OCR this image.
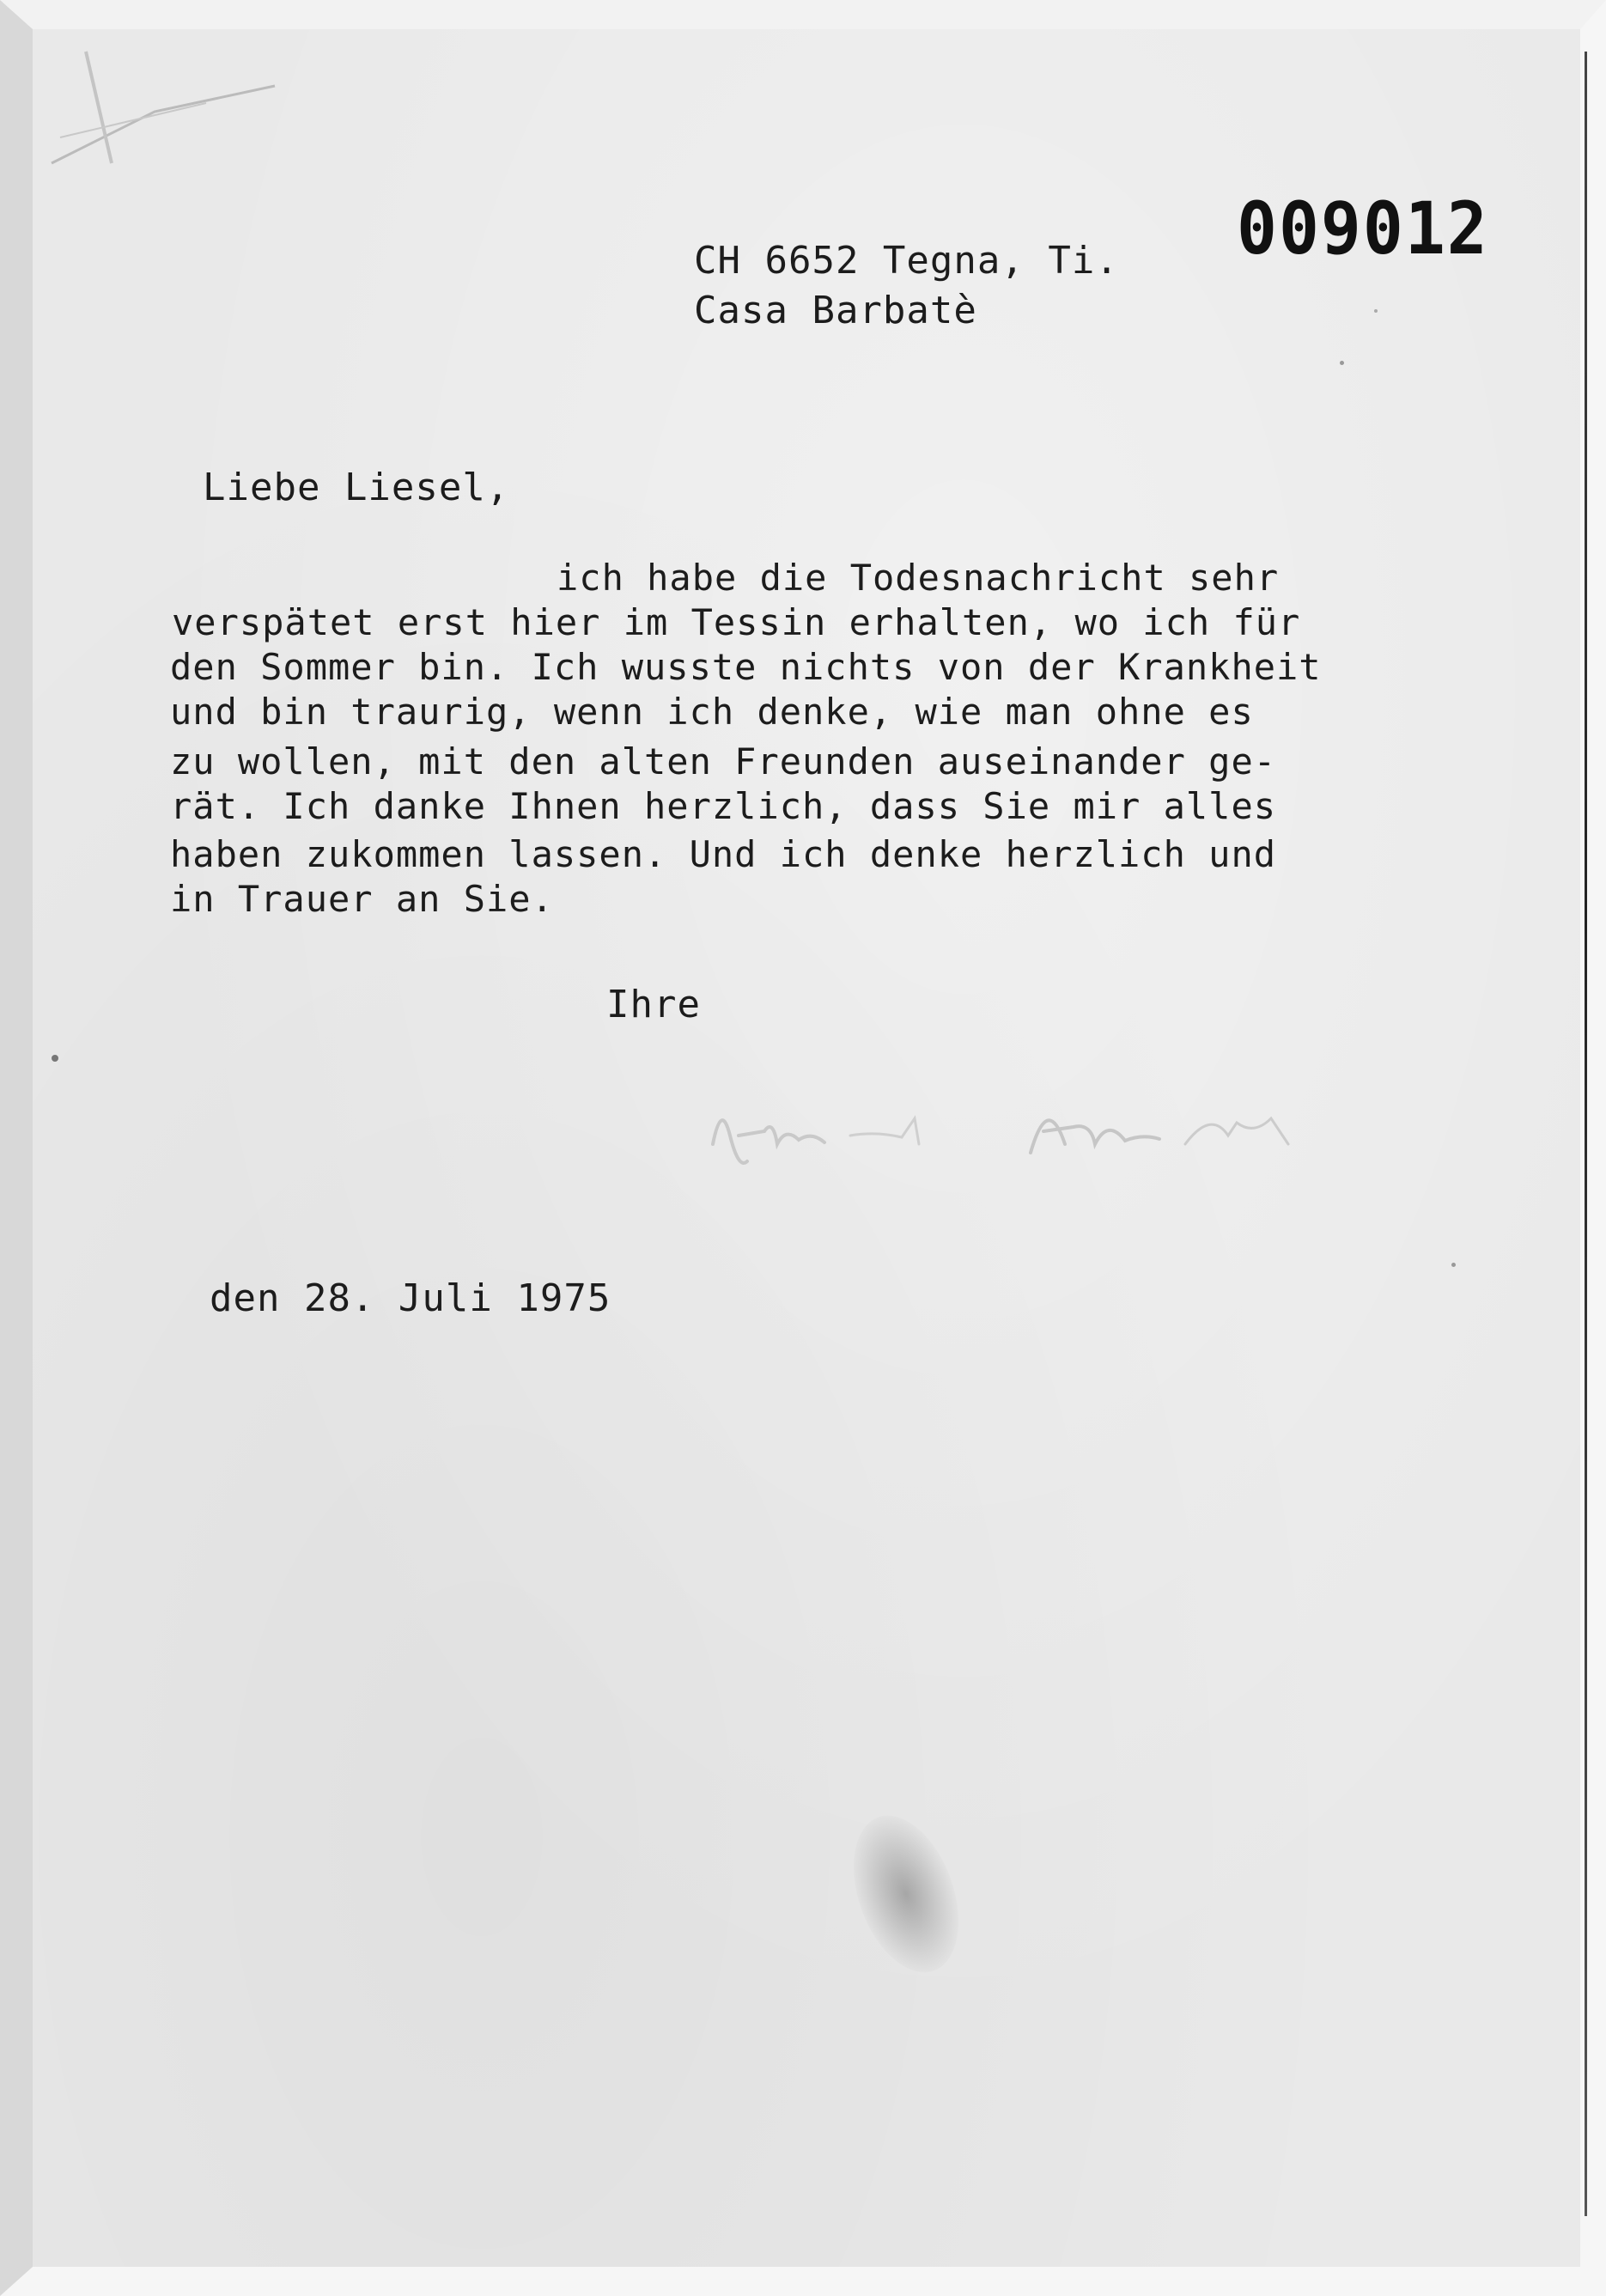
009012
CH 6652 Tegna, Ti.
Casa Barbatè
Liebe Liesel,
ich habe die Todesnachricht sehr
verspätet erst hier im Tessin erhalten, wo ich für
den Sommer bin. Ich wusste nichts von der Krankheit
und bin traurig, wenn ich denke, wie man ohne es
zu wollen, mit den alten Freunden auseinander ge-
rät. Ich danke Ihnen herzlich, dass Sie mir alles
haben zukommen lassen. Und ich denke herzlich und
in Trauer an Sie.
Ihre
den 28. Juli 1975
